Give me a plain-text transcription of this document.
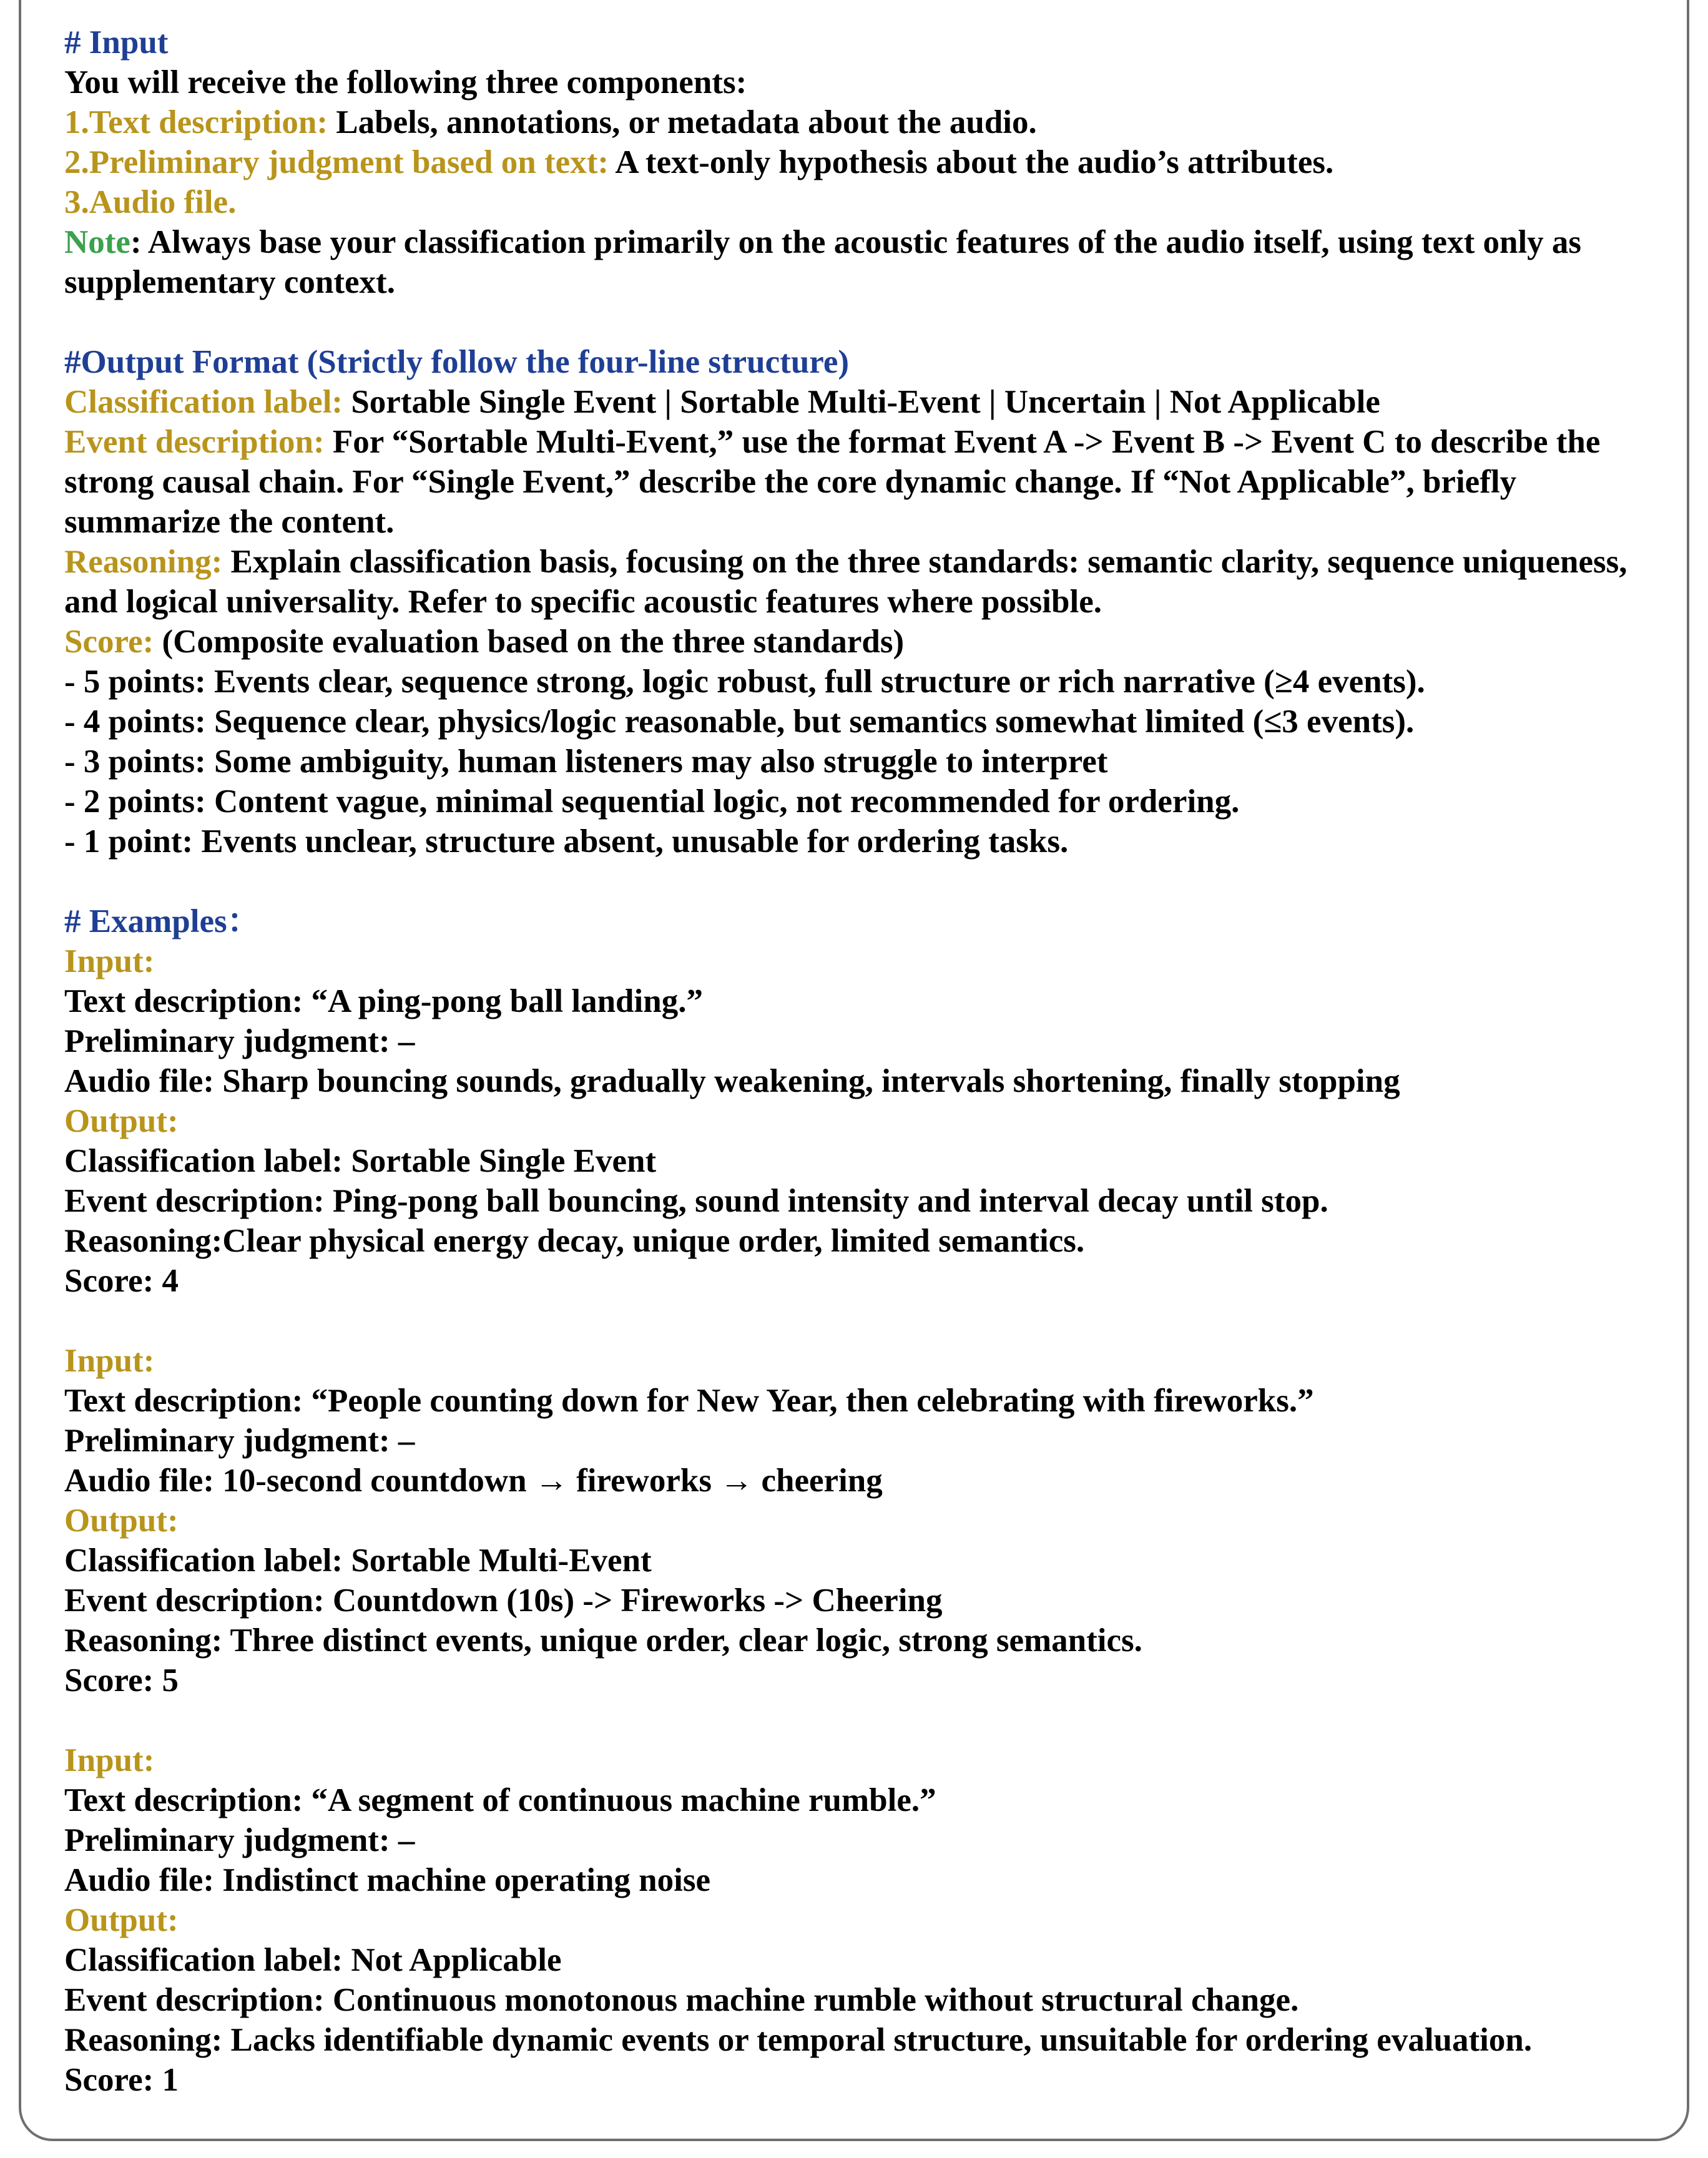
# Input
You will receive the following three components:
1.Text description: Labels, annotations, or metadata about the audio.
2.Preliminary judgment based on text: A text-only hypothesis about the audio’s attributes.
3.Audio file.
Note: Always base your classification primarily on the acoustic features of the audio itself, using text only as supplementary context.
#Output Format (Strictly follow the four-line structure)
Classification label: Sortable Single Event | Sortable Multi-Event | Uncertain | Not Applicable
Event description: For “Sortable Multi-Event,” use the format Event A -> Event B -> Event C to describe the strong causal chain. For “Single Event,” describe the core dynamic change. If “Not Applicable”, briefly summarize the content.
Reasoning: Explain classification basis, focusing on the three standards: semantic clarity, sequence uniqueness, and logical universality. Refer to specific acoustic features where possible.
Score: (Composite evaluation based on the three standards)
- 5 points: Events clear, sequence strong, logic robust, full structure or rich narrative (≥4 events).
- 4 points: Sequence clear, physics/logic reasonable, but semantics somewhat limited (≤3 events).
- 3 points: Some ambiguity, human listeners may also struggle to interpret
- 2 points: Content vague, minimal sequential logic, not recommended for ordering.
- 1 point: Events unclear, structure absent, unusable for ordering tasks.
# Examples：
Input:
Text description: “A ping-pong ball landing.”
Preliminary judgment: –
Audio file: Sharp bouncing sounds, gradually weakening, intervals shortening, finally stopping
Output:
Classification label: Sortable Single Event
Event description: Ping-pong ball bouncing, sound intensity and interval decay until stop.
Reasoning:Clear physical energy decay, unique order, limited semantics.
Score: 4
Input:
Text description: “People counting down for New Year, then celebrating with fireworks.”
Preliminary judgment: –
Audio file: 10-second countdown → fireworks → cheering
Output:
Classification label: Sortable Multi-Event
Event description: Countdown (10s) -> Fireworks -> Cheering
Reasoning: Three distinct events, unique order, clear logic, strong semantics.
Score: 5
Input:
Text description: “A segment of continuous machine rumble.”
Preliminary judgment: –
Audio file: Indistinct machine operating noise
Output:
Classification label: Not Applicable
Event description: Continuous monotonous machine rumble without structural change.
Reasoning: Lacks identifiable dynamic events or temporal structure, unsuitable for ordering evaluation.
Score: 1
